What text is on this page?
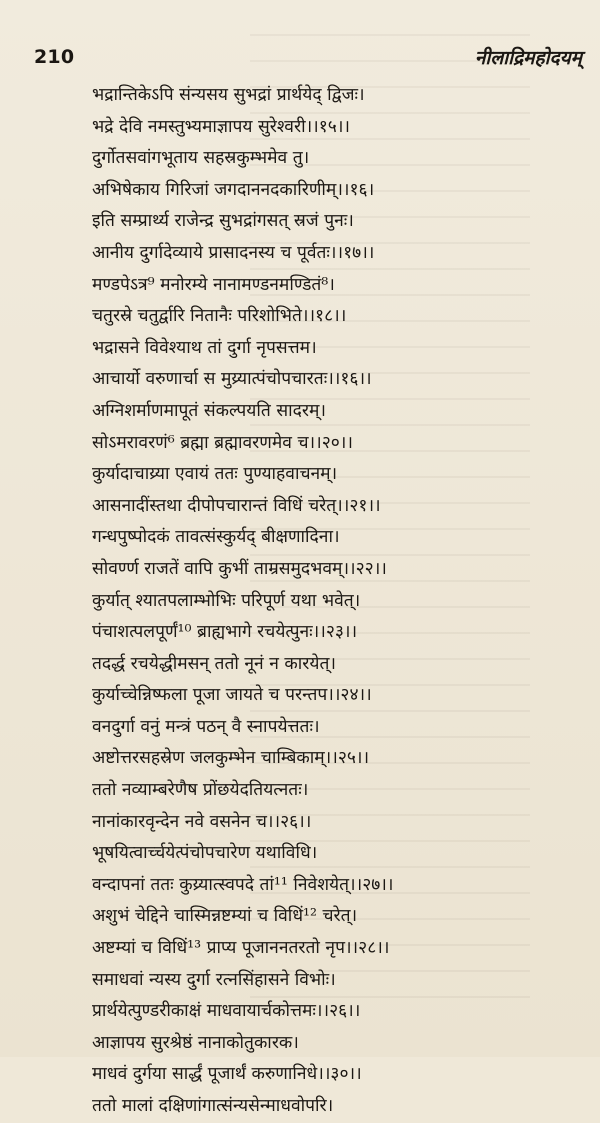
210	नीलाद्रिमहोदयम्
भद्रान्तिकेऽपि संन्यसय सुभद्रां प्रार्थयेद् द्विजः।
भद्रे देवि नमस्तुभ्यमाज्ञापय सुरेश्वरी।।१५।।
दुर्गोतसवांगभूताय सहस्रकुम्भमेव तु।
अभिषेकाय गिरिजां जगदाननदकारिणीम्।।१६।
इति सम्प्रार्थ्य राजेन्द्र सुभद्रांगसत् स्रजं पुनः।
आनीय दुर्गादेव्याये प्रासादनस्य च पूर्वतः।।१७।।
मण्डपेऽत्र⁹ मनोरम्ये नानामण्डनमण्डितं⁸।
चतुरस्रे चतुर्द्वारि नितानैः परिशोभिते।।१८।।
भद्रासने विवेश्याथ तां दुर्गा नृपसत्तम।
आचार्यो वरुणार्चा स मुय्र्यात्पंचोपचारतः।।१६।।
अग्निशर्माणमापूतं संकल्पयति सादरम्।
सोऽमरावरणं⁶ ब्रह्मा ब्रह्मावरणमेव च।।२०।।
कुर्यादाचाय्र्या एवायं ततः पुण्याहवाचनम्।
आसनादींस्तथा दीपोपचारान्तं विधिं चरेत्।।२१।।
गन्धपुष्पोदकं तावत्संस्कुर्यद् बीक्षणादिना।
सोवर्ण्ण राजतें वापि कुभीं ताम्रसमुदभवम्।।२२।।
कुर्यात् श्यातपलाम्भोभिः परिपूर्ण यथा भवेत्।
पंचाशत्पलपूर्णं¹⁰ ब्राह्यभागे रचयेत्पुनः।।२३।।
तदर्द्ध रचयेद्धीमसन् ततो नूनं न कारयेत्।
कुर्याच्चेन्निष्फला पूजा जायते च परन्तप।।२४।।
वनदुर्गा वनुं मन्त्रं पठन् वै स्नापयेत्ततः।
अष्टोत्तरसहस्रेण जलकुम्भेन चाम्बिकाम्।।२५।।
ततो नव्याम्बरेणैष प्रोंछयेदतियत्नतः।
नानांकारवृन्देन नवे वसनेन च।।२६।।
भूषयित्वार्च्चयेत्पंचोपचारेण यथाविधि।
वन्दापनां ततः कुय्र्यात्स्वपदे तां¹¹ निवेशयेत्।।२७।।
अशुभं चेद्दिने चास्मिन्नष्टम्यां च विधिं¹² चरेत्।
अष्टम्यां च विधिं¹³ प्राप्य पूजाननतरतो नृप।।२८।।
समाधवां न्यस्य दुर्गा रत्नसिंहासने विभोः।
प्रार्थयेत्पुण्डरीकाक्षं माधवायार्चकोत्तमः।।२६।।
आज्ञापय सुरश्रेष्ठं नानाकोतुकारक।
माधवं दुर्गया सार्द्धं पूजार्थं करुणानिधे।।३०।।
ततो मालां दक्षिणांगात्संन्यसेन्माधवोपरि।
